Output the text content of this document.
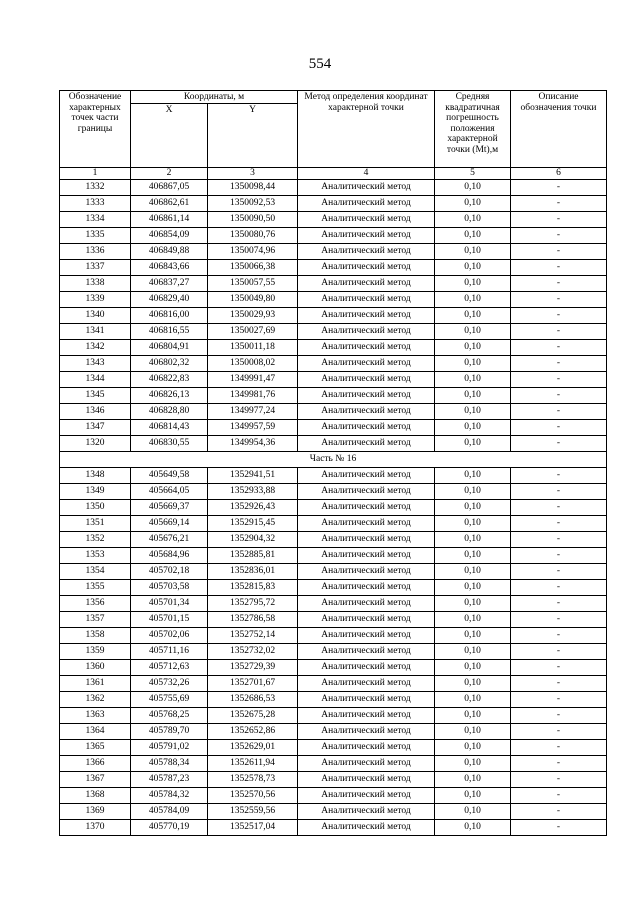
554
Обозначение характерных точек части границы	Координаты, м		Метод определения координат характерной точки	Средняя квадратичная погрешность положения характерной точки (Mt),м	Описание обозначения точки
	X	Y			
1	2	3	4	5	6
1332	406867,05	1350098,44	Аналитический метод	0,10	-
1333	406862,61	1350092,53	Аналитический метод	0,10	-
1334	406861,14	1350090,50	Аналитический метод	0,10	-
1335	406854,09	1350080,76	Аналитический метод	0,10	-
1336	406849,88	1350074,96	Аналитический метод	0,10	-
1337	406843,66	1350066,38	Аналитический метод	0,10	-
1338	406837,27	1350057,55	Аналитический метод	0,10	-
1339	406829,40	1350049,80	Аналитический метод	0,10	-
1340	406816,00	1350029,93	Аналитический метод	0,10	-
1341	406816,55	1350027,69	Аналитический метод	0,10	-
1342	406804,91	1350011,18	Аналитический метод	0,10	-
1343	406802,32	1350008,02	Аналитический метод	0,10	-
1344	406822,83	1349991,47	Аналитический метод	0,10	-
1345	406826,13	1349981,76	Аналитический метод	0,10	-
1346	406828,80	1349977,24	Аналитический метод	0,10	-
1347	406814,43	1349957,59	Аналитический метод	0,10	-
1320	406830,55	1349954,36	Аналитический метод	0,10	-
Часть № 16					
1348	405649,58	1352941,51	Аналитический метод	0,10	-
1349	405664,05	1352933,88	Аналитический метод	0,10	-
1350	405669,37	1352926,43	Аналитический метод	0,10	-
1351	405669,14	1352915,45	Аналитический метод	0,10	-
1352	405676,21	1352904,32	Аналитический метод	0,10	-
1353	405684,96	1352885,81	Аналитический метод	0,10	-
1354	405702,18	1352836,01	Аналитический метод	0,10	-
1355	405703,58	1352815,83	Аналитический метод	0,10	-
1356	405701,34	1352795,72	Аналитический метод	0,10	-
1357	405701,15	1352786,58	Аналитический метод	0,10	-
1358	405702,06	1352752,14	Аналитический метод	0,10	-
1359	405711,16	1352732,02	Аналитический метод	0,10	-
1360	405712,63	1352729,39	Аналитический метод	0,10	-
1361	405732,26	1352701,67	Аналитический метод	0,10	-
1362	405755,69	1352686,53	Аналитический метод	0,10	-
1363	405768,25	1352675,28	Аналитический метод	0,10	-
1364	405789,70	1352652,86	Аналитический метод	0,10	-
1365	405791,02	1352629,01	Аналитический метод	0,10	-
1366	405788,34	1352611,94	Аналитический метод	0,10	-
1367	405787,23	1352578,73	Аналитический метод	0,10	-
1368	405784,32	1352570,56	Аналитический метод	0,10	-
1369	405784,09	1352559,56	Аналитический метод	0,10	-
1370	405770,19	1352517,04	Аналитический метод	0,10	-
